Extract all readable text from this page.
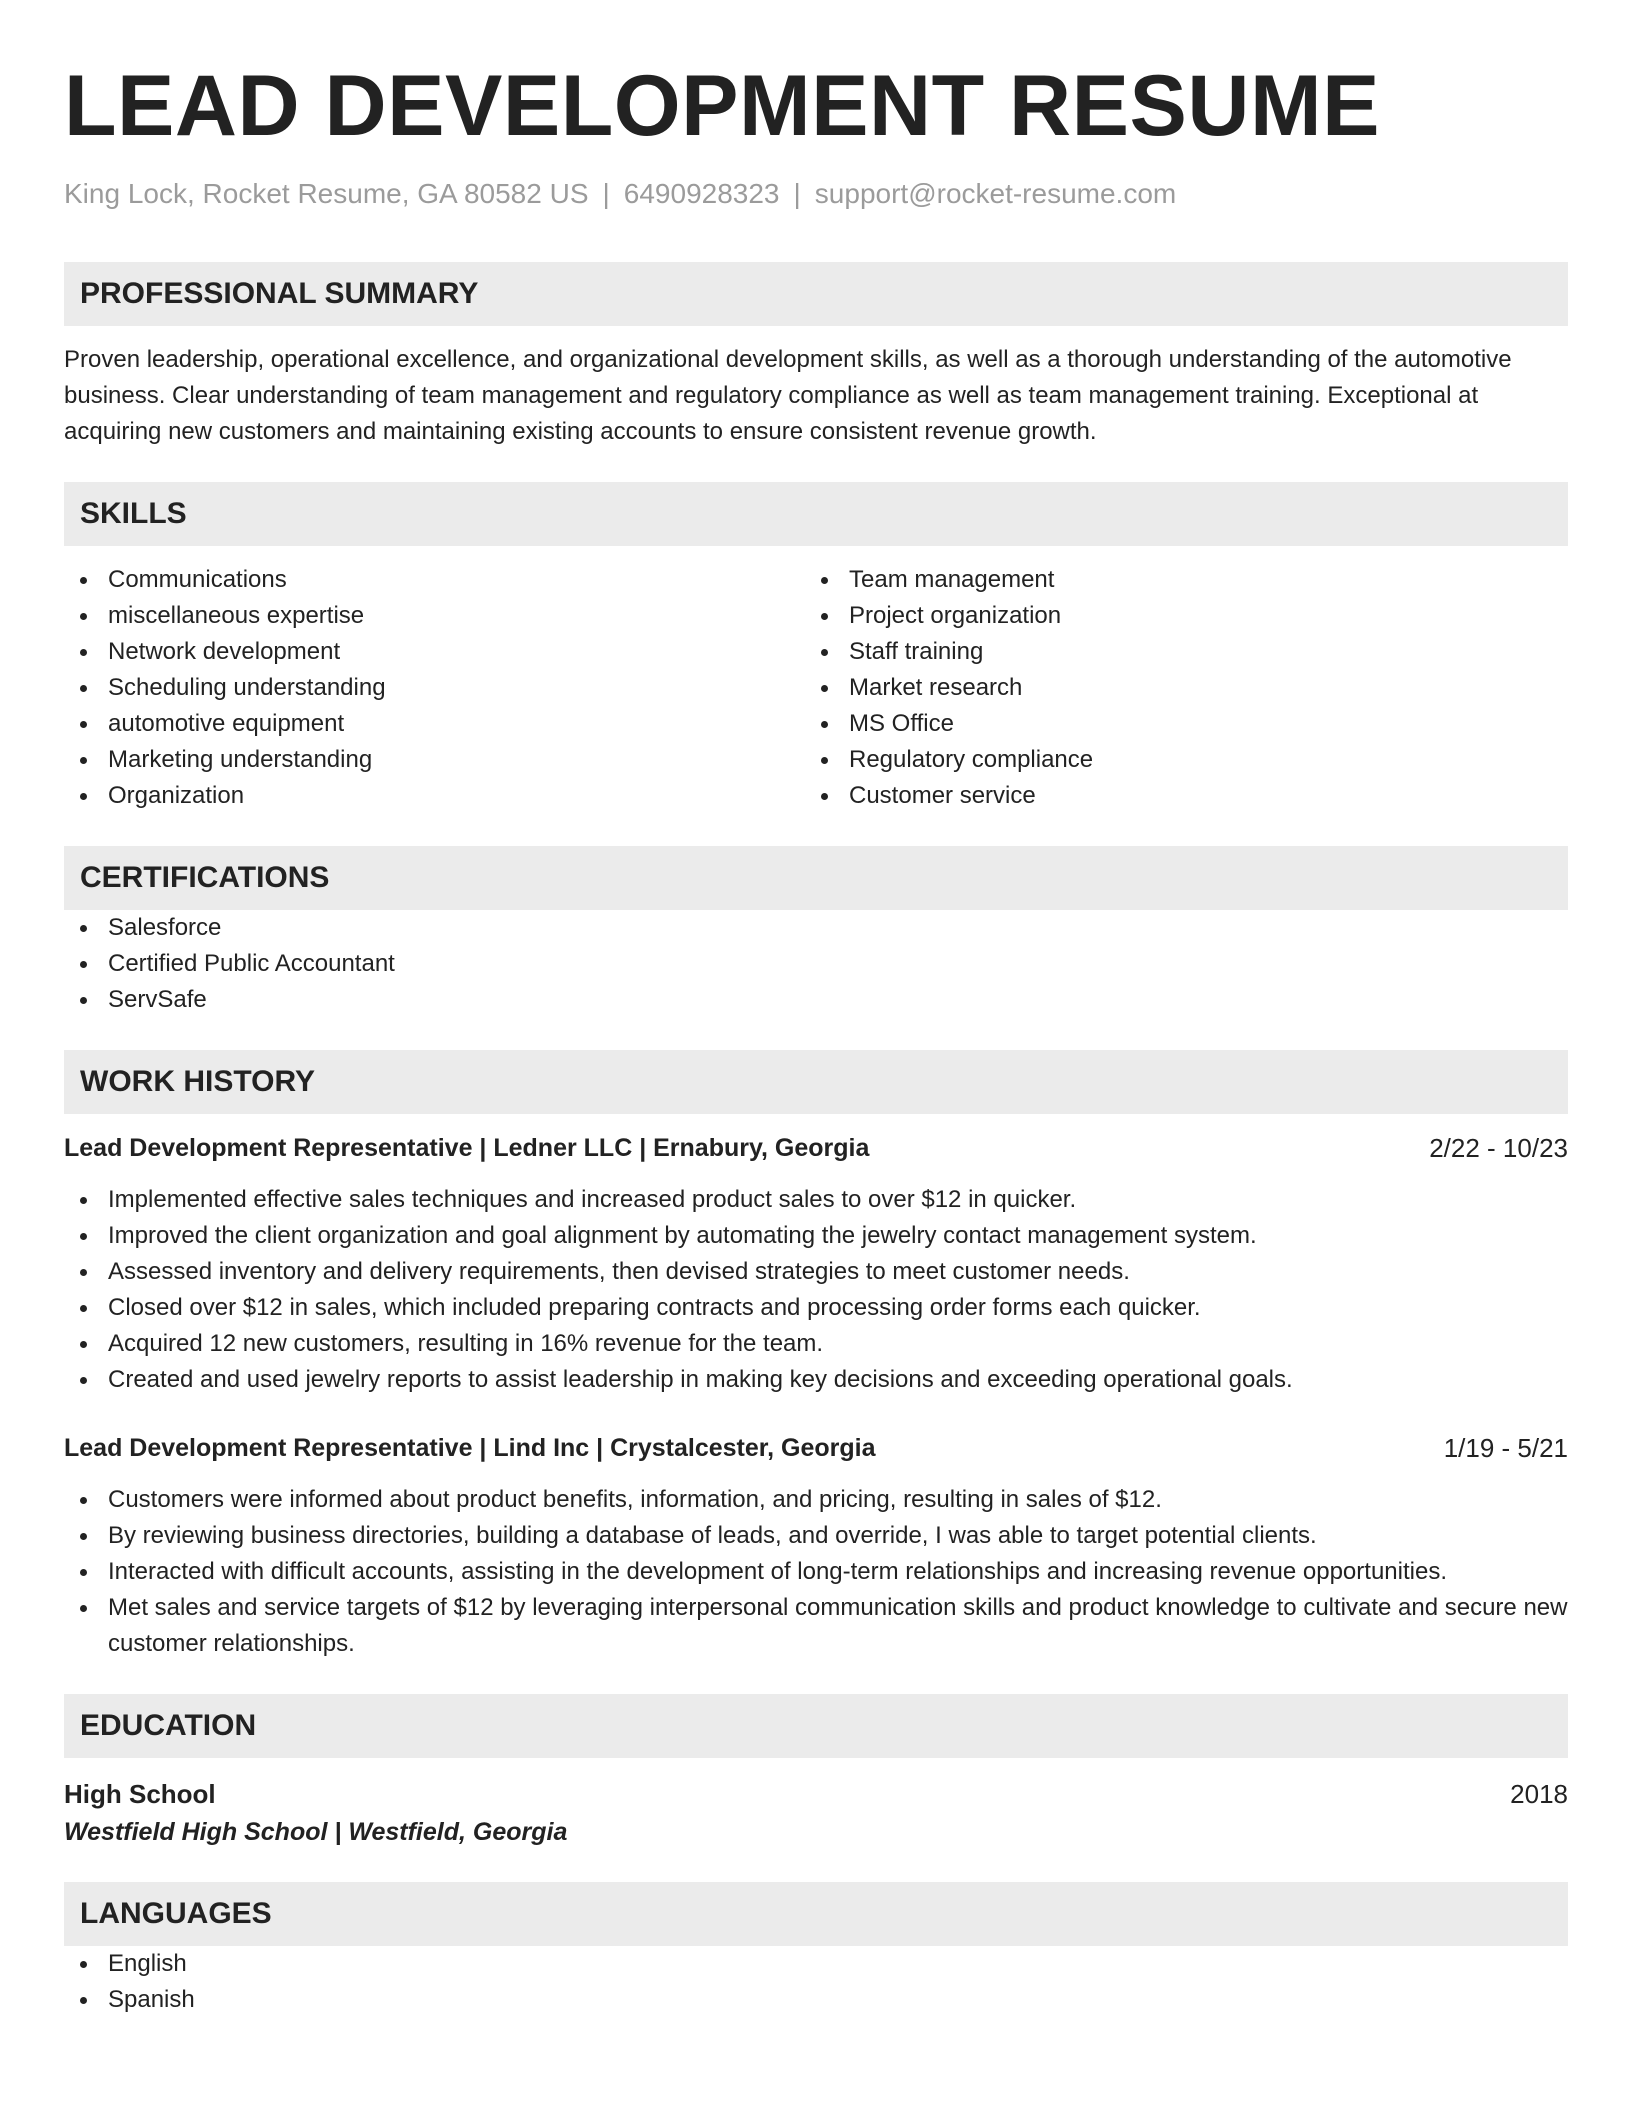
LEAD DEVELOPMENT RESUME
King Lock, Rocket Resume, GA 80582 US | 6490928323 | support@rocket-resume.com
PROFESSIONAL SUMMARY
Proven leadership, operational excellence, and organizational development skills, as well as a thorough understanding of the automotive business. Clear understanding of team management and regulatory compliance as well as team management training. Exceptional at acquiring new customers and maintaining existing accounts to ensure consistent revenue growth.
SKILLS
Communications
miscellaneous expertise
Network development
Scheduling understanding
automotive equipment
Marketing understanding
Organization
Team management
Project organization
Staff training
Market research
MS Office
Regulatory compliance
Customer service
CERTIFICATIONS
Salesforce
Certified Public Accountant
ServSafe
WORK HISTORY
Lead Development Representative | Ledner LLC | Ernabury, Georgia	2/22 - 10/23
Implemented effective sales techniques and increased product sales to over $12 in quicker.
Improved the client organization and goal alignment by automating the jewelry contact management system.
Assessed inventory and delivery requirements, then devised strategies to meet customer needs.
Closed over $12 in sales, which included preparing contracts and processing order forms each quicker.
Acquired 12 new customers, resulting in 16% revenue for the team.
Created and used jewelry reports to assist leadership in making key decisions and exceeding operational goals.
Lead Development Representative | Lind Inc | Crystalcester, Georgia	1/19 - 5/21
Customers were informed about product benefits, information, and pricing, resulting in sales of $12.
By reviewing business directories, building a database of leads, and override, I was able to target potential clients.
Interacted with difficult accounts, assisting in the development of long-term relationships and increasing revenue opportunities.
Met sales and service targets of $12 by leveraging interpersonal communication skills and product knowledge to cultivate and secure new customer relationships.
EDUCATION
High School	2018
Westfield High School | Westfield, Georgia
LANGUAGES
English
Spanish
